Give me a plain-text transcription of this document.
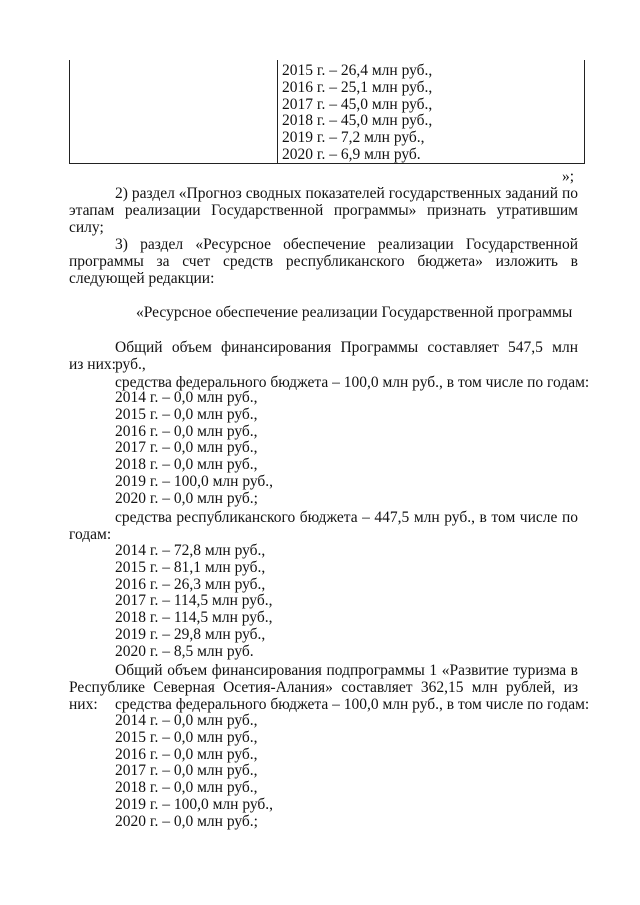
2015 г. – 26,4 млн руб.,
2016 г. – 25,1 млн руб.,
2017 г. – 45,0 млн руб.,
2018 г. – 45,0 млн руб.,
2019 г. – 7,2 млн руб.,
2020 г. – 6,9 млн руб.
»;
2) раздел «Прогноз сводных показателей государственных заданий по
этапам реализации Государственной программы» признать утратившим силу;
3) раздел «Ресурсное обеспечение реализации Государственной
программы за счет средств республиканского бюджета» изложить в
следующей редакции:
«Ресурсное обеспечение реализации Государственной программы
Общий объем финансирования Программы составляет 547,5 млн руб.,
из них:
средства федерального бюджета – 100,0 млн руб., в том числе по годам:
2014 г. – 0,0 млн руб.,
2015 г. – 0,0 млн руб.,
2016 г. – 0,0 млн руб.,
2017 г. – 0,0 млн руб.,
2018 г. – 0,0 млн руб.,
2019 г. – 100,0 млн руб.,
2020 г. – 0,0 млн руб.;
средства республиканского бюджета – 447,5 млн руб., в том числе по
годам:
2014 г. – 72,8 млн руб.,
2015 г. – 81,1 млн руб.,
2016 г. – 26,3 млн руб.,
2017 г. – 114,5 млн руб.,
2018 г. – 114,5 млн руб.,
2019 г. – 29,8 млн руб.,
2020 г. – 8,5 млн руб.
Общий объем финансирования подпрограммы 1 «Развитие туризма в
Республике Северная Осетия-Алания» составляет 362,15 млн рублей, из них:	средства федерального бюджета – 100,0 млн руб., в том числе по годам:
2014 г. – 0,0 млн руб.,
2015 г. – 0,0 млн руб.,
2016 г. – 0,0 млн руб.,
2017 г. – 0,0 млн руб.,
2018 г. – 0,0 млн руб.,
2019 г. – 100,0 млн руб.,
2020 г. – 0,0 млн руб.;
